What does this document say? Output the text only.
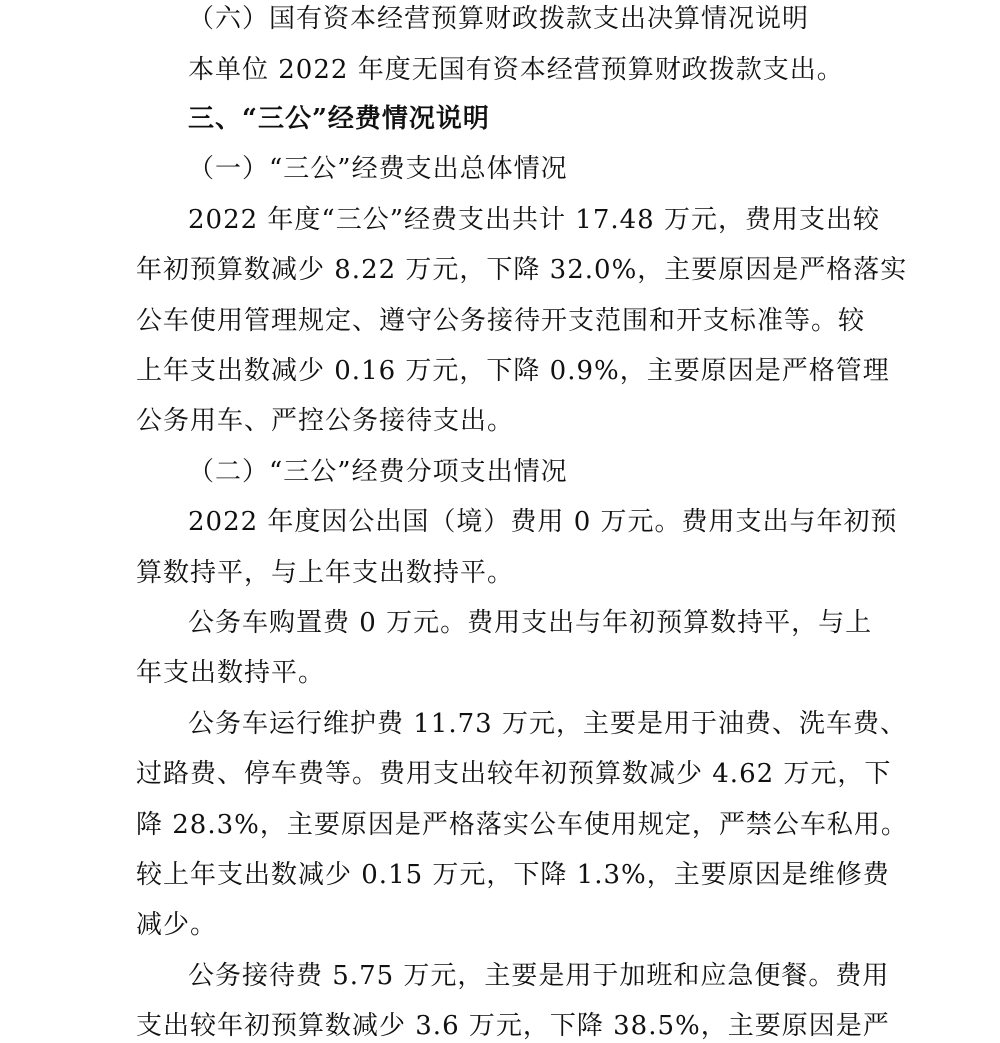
（六）国有资本经营预算财政拨款支出决算情况说明
本单位 2022 年度无国有资本经营预算财政拨款支出。
三、“三公”经费情况说明
（一）“三公”经费支出总体情况
2022 年度“三公”经费支出共计 17.48 万元，费用支出较
年初预算数减少 8.22 万元，下降 32.0%，主要原因是严格落实
公车使用管理规定、遵守公务接待开支范围和开支标准等。较
上年支出数减少 0.16 万元，下降 0.9%，主要原因是严格管理
公务用车、严控公务接待支出。
（二）“三公”经费分项支出情况
2022 年度因公出国（境）费用 0 万元。费用支出与年初预
算数持平，与上年支出数持平。
公务车购置费 0 万元。费用支出与年初预算数持平，与上
年支出数持平。
公务车运行维护费 11.73 万元，主要是用于油费、洗车费、
过路费、停车费等。费用支出较年初预算数减少 4.62 万元，下
降 28.3%，主要原因是严格落实公车使用规定，严禁公车私用。
较上年支出数减少 0.15 万元，下降 1.3%，主要原因是维修费
减少。
公务接待费 5.75 万元，主要是用于加班和应急便餐。费用
支出较年初预算数减少 3.6 万元，下降 38.5%，主要原因是严
